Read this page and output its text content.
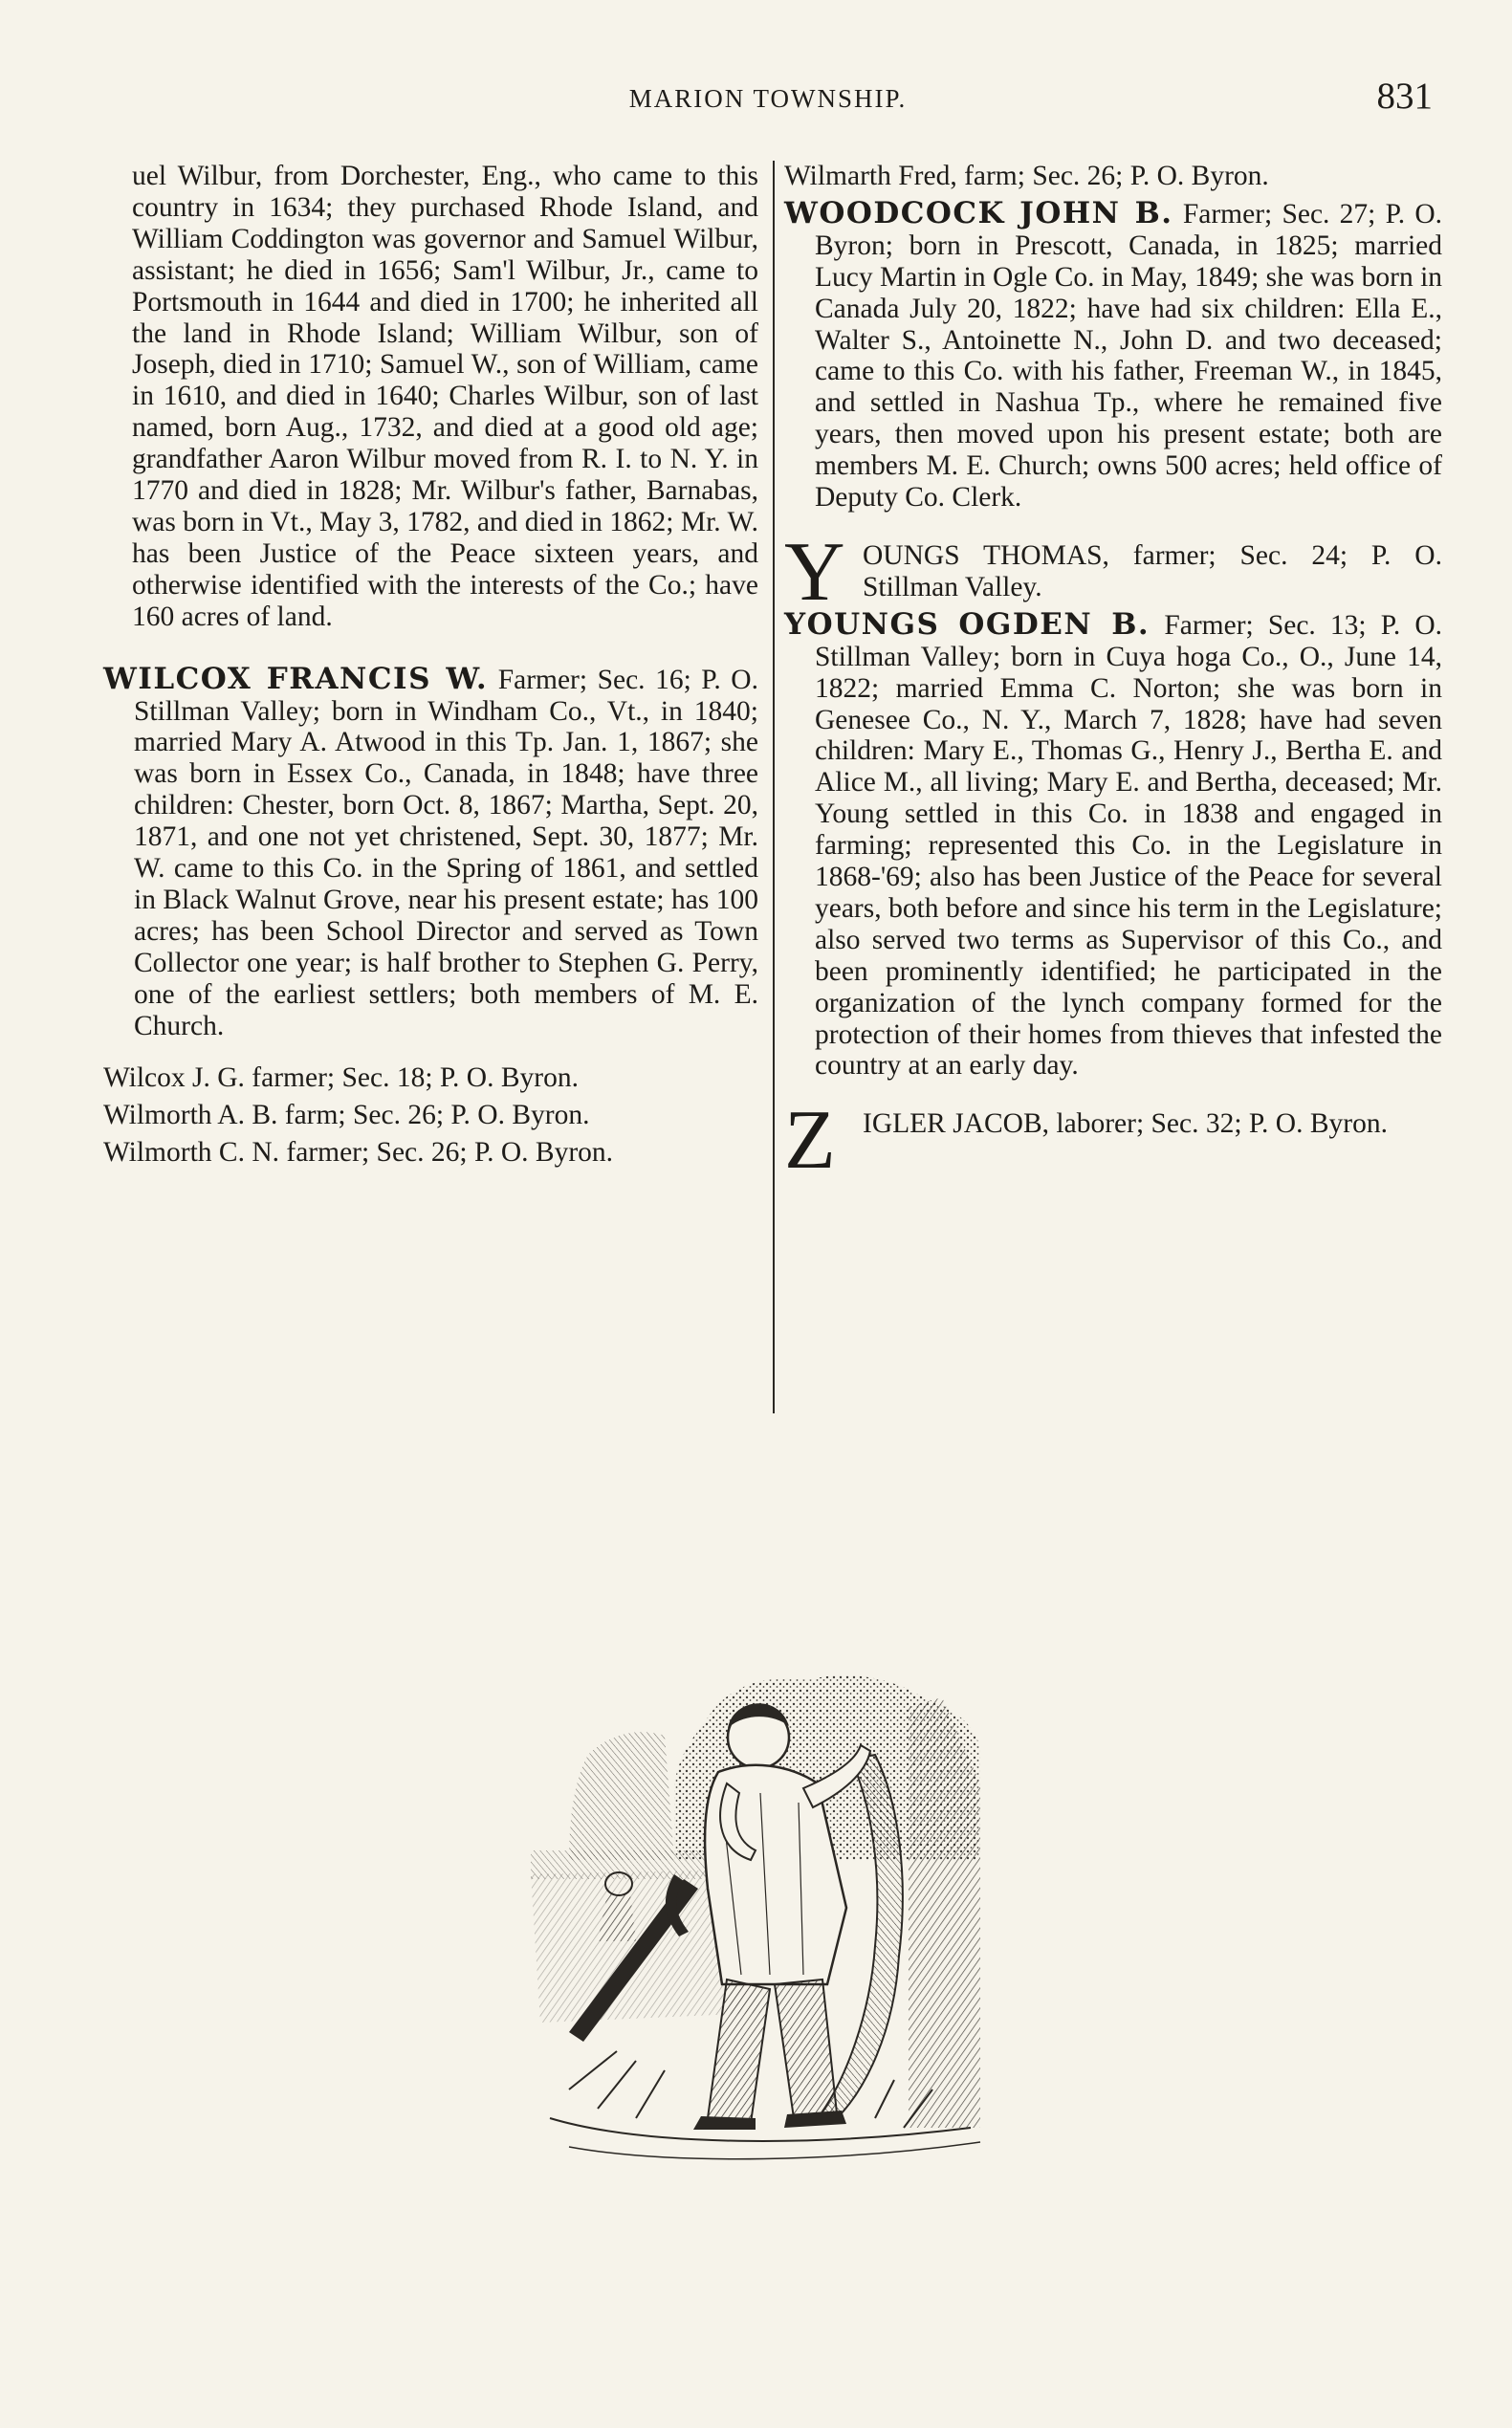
MARION TOWNSHIP.	831

uel Wilbur, from Dorchester, Eng., who came to this country in 1634; they purchased Rhode Island, and William Coddington was governor and Samuel Wilbur, assistant; he died in 1656; Sam'l Wilbur, Jr., came to Portsmouth in 1644 and died in 1700; he inherited all the land in Rhode Island; William Wilbur, son of Joseph, died in 1710; Samuel W., son of William, came in 1610, and died in 1640; Charles Wilbur, son of last named, born Aug., 1732, and died at a good old age; grandfather Aaron Wilbur moved from R. I. to N. Y. in 1770 and died in 1828; Mr. Wilbur's father, Barnabas, was born in Vt., May 3, 1782, and died in 1862; Mr. W. has been Justice of the Peace sixteen years, and otherwise identified with the interests of the Co.; have 160 acres of land.

WILCOX FRANCIS W. Farmer; Sec. 16; P. O. Stillman Valley; born in Windham Co., Vt., in 1840; married Mary A. Atwood in this Tp. Jan. 1, 1867; she was born in Essex Co., Canada, in 1848; have three children: Chester, born Oct. 8, 1867; Martha, Sept. 20, 1871, and one not yet christened, Sept. 30, 1877; Mr. W. came to this Co. in the Spring of 1861, and settled in Black Walnut Grove, near his present estate; has 100 acres; has been School Director and served as Town Collector one year; is half brother to Stephen G. Perry, one of the earliest settlers; both members of M. E. Church.

Wilcox J. G. farmer; Sec. 18; P. O. Byron.

Wilmorth A. B. farm; Sec. 26; P. O. Byron.

Wilmorth C. N. farmer; Sec. 26; P. O. Byron.

Wilmarth Fred, farm; Sec. 26; P. O. Byron.

WOODCOCK JOHN B. Farmer; Sec. 27; P. O. Byron; born in Prescott, Canada, in 1825; married Lucy Martin in Ogle Co. in May, 1849; she was born in Canada July 20, 1822; have had six children: Ella E., Walter S., Antoinette N., John D. and two deceased; came to this Co. with his father, Freeman W., in 1845, and settled in Nashua Tp., where he remained five years, then moved upon his present estate; both are members M. E. Church; owns 500 acres; held office of Deputy Co. Clerk.

Y OUNGS THOMAS, farmer; Sec. 24; P. O. Stillman Valley.

YOUNGS OGDEN B. Farmer; Sec. 13; P. O. Stillman Valley; born in Cuya hoga Co., O., June 14, 1822; married Emma C. Norton; she was born in Genesee Co., N. Y., March 7, 1828; have had seven children: Mary E., Thomas G., Henry J., Bertha E. and Alice M., all living; Mary E. and Bertha, deceased; Mr. Young settled in this Co. in 1838 and engaged in farming; represented this Co. in the Legislature in 1868-'69; also has been Justice of the Peace for several years, both before and since his term in the Legislature; also served two terms as Supervisor of this Co., and been prominently identified; he participated in the organization of the lynch company formed for the protection of their homes from thieves that infested the country at an early day.

Z IGLER JACOB, laborer; Sec. 32; P. O. Byron.
